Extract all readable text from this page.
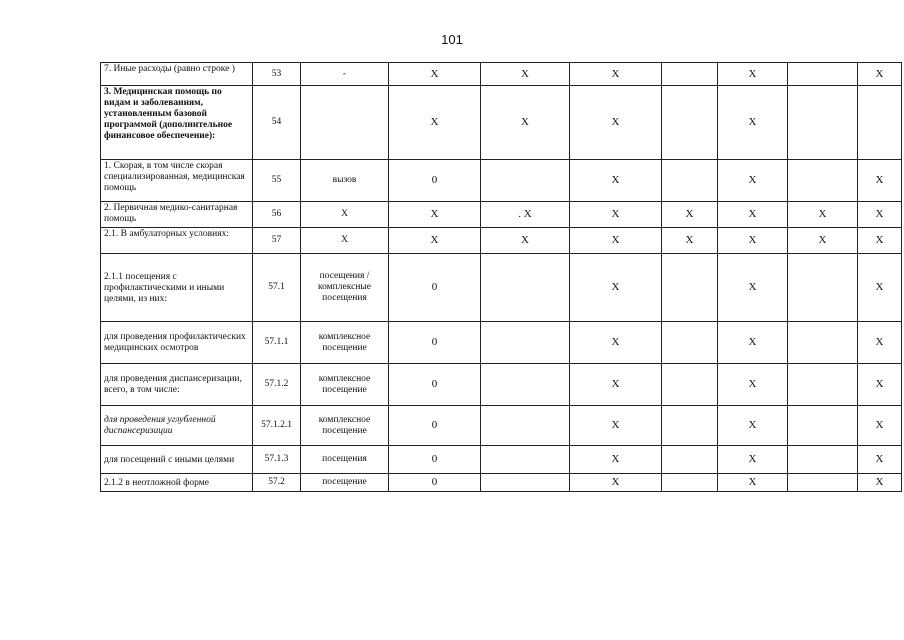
101
7. Иные расходы (равно строке )	53	-	X	X	X		X		X
3. Медицинская помощь по видам и заболеваниям, установленным базовой программой (дополнительное финансовое обеспечение):	54		X	X	X		X		
1. Скорая, в том числе скорая специализированная, медицинская помощь	55	вызов	0		X		X		X
2. Первичная медико-санитарная помощь	56	X	X	. X	X	X	X	X	X
2.1. В амбулаторных условиях:	57	X	X	X	X	X	X	X	X
2.1.1 посещения с профилактическими и иными целями, из них:	57.1	посещения / комплексные посещения	0		X		X		X
для проведения профилактических медицинских осмотров	57.1.1	комплексное посещение	0		X		X		X
для проведения диспансеризации, всего, в том числе:	57.1.2	комплексное посещение	0		X		X		X
для проведения углубленной диспансеризации	57.1.2.1	комплексное посещение	0		X		X		X
для посещений с иными целями	57.1.3	посещения	0		X		X		X
2.1.2 в неотложной форме	57.2	посещение	0		X		X		X
